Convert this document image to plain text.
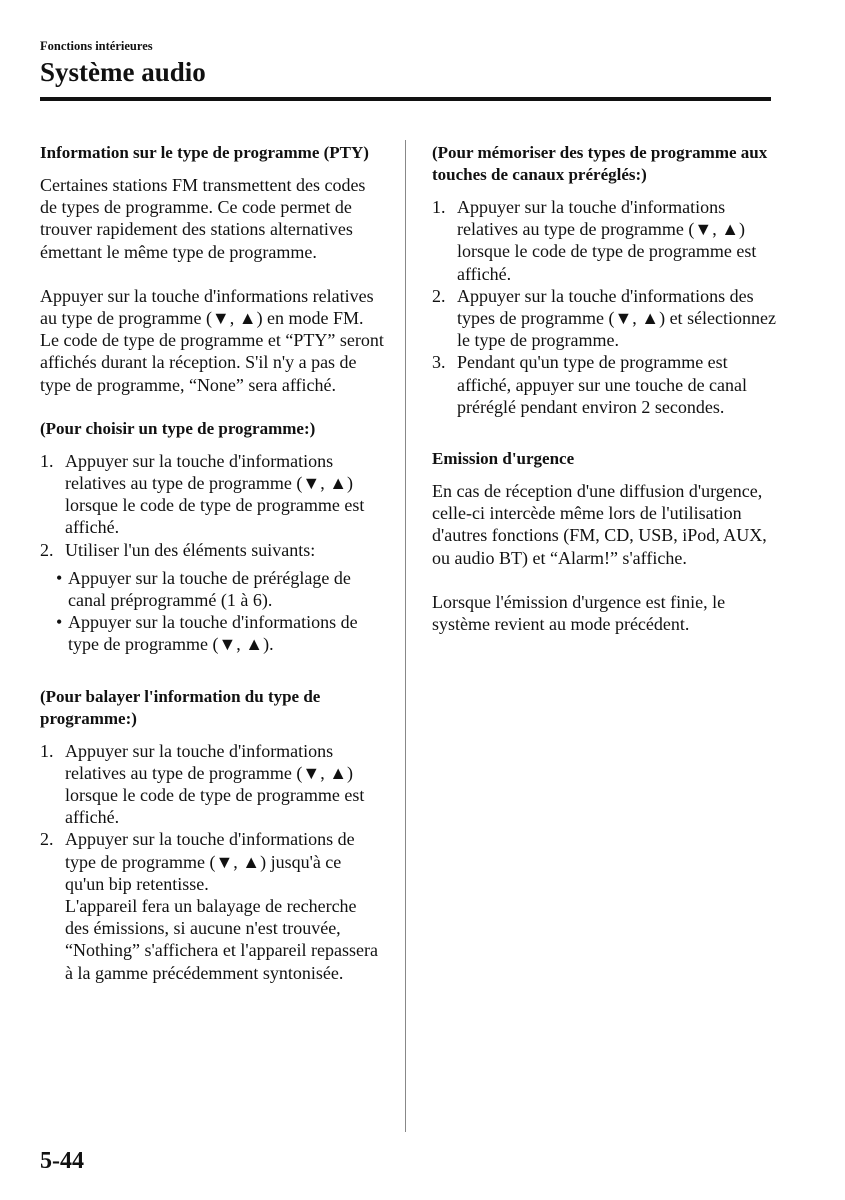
Fonctions intérieures
Système audio

Information sur le type de programme (PTY)

Certaines stations FM transmettent des codes de types de programme. Ce code permet de trouver rapidement des stations alternatives émettant le même type de programme.

Appuyer sur la touche d'informations relatives au type de programme (▼, ▲) en mode FM. Le code de type de programme et “PTY” seront affichés durant la réception. S'il n'y a pas de type de programme, “None” sera affiché.

(Pour choisir un type de programme:)

1. Appuyer sur la touche d'informations relatives au type de programme (▼, ▲) lorsque le code de type de programme est affiché.
2. Utiliser l'un des éléments suivants:
• Appuyer sur la touche de préréglage de canal préprogrammé (1 à 6).
• Appuyer sur la touche d'informations de type de programme (▼, ▲).

(Pour balayer l'information du type de programme:)

1. Appuyer sur la touche d'informations relatives au type de programme (▼, ▲) lorsque le code de type de programme est affiché.
2. Appuyer sur la touche d'informations de type de programme (▼, ▲) jusqu'à ce qu'un bip retentisse.

L'appareil fera un balayage de recherche des émissions, si aucune n'est trouvée, “Nothing” s'affichera et l'appareil repassera à la gamme précédemment syntonisée.

(Pour mémoriser des types de programme aux touches de canaux préréglés:)

1. Appuyer sur la touche d'informations relatives au type de programme (▼, ▲) lorsque le code de type de programme est affiché.
2. Appuyer sur la touche d'informations des types de programme (▼, ▲) et sélectionnez le type de programme.
3. Pendant qu'un type de programme est affiché, appuyer sur une touche de canal préréglé pendant environ 2 secondes.

Emission d'urgence

En cas de réception d'une diffusion d'urgence, celle-ci intercède même lors de l'utilisation d'autres fonctions (FM, CD, USB, iPod, AUX, ou audio BT) et “Alarm!” s'affiche.

Lorsque l'émission d'urgence est finie, le système revient au mode précédent.

5-44
